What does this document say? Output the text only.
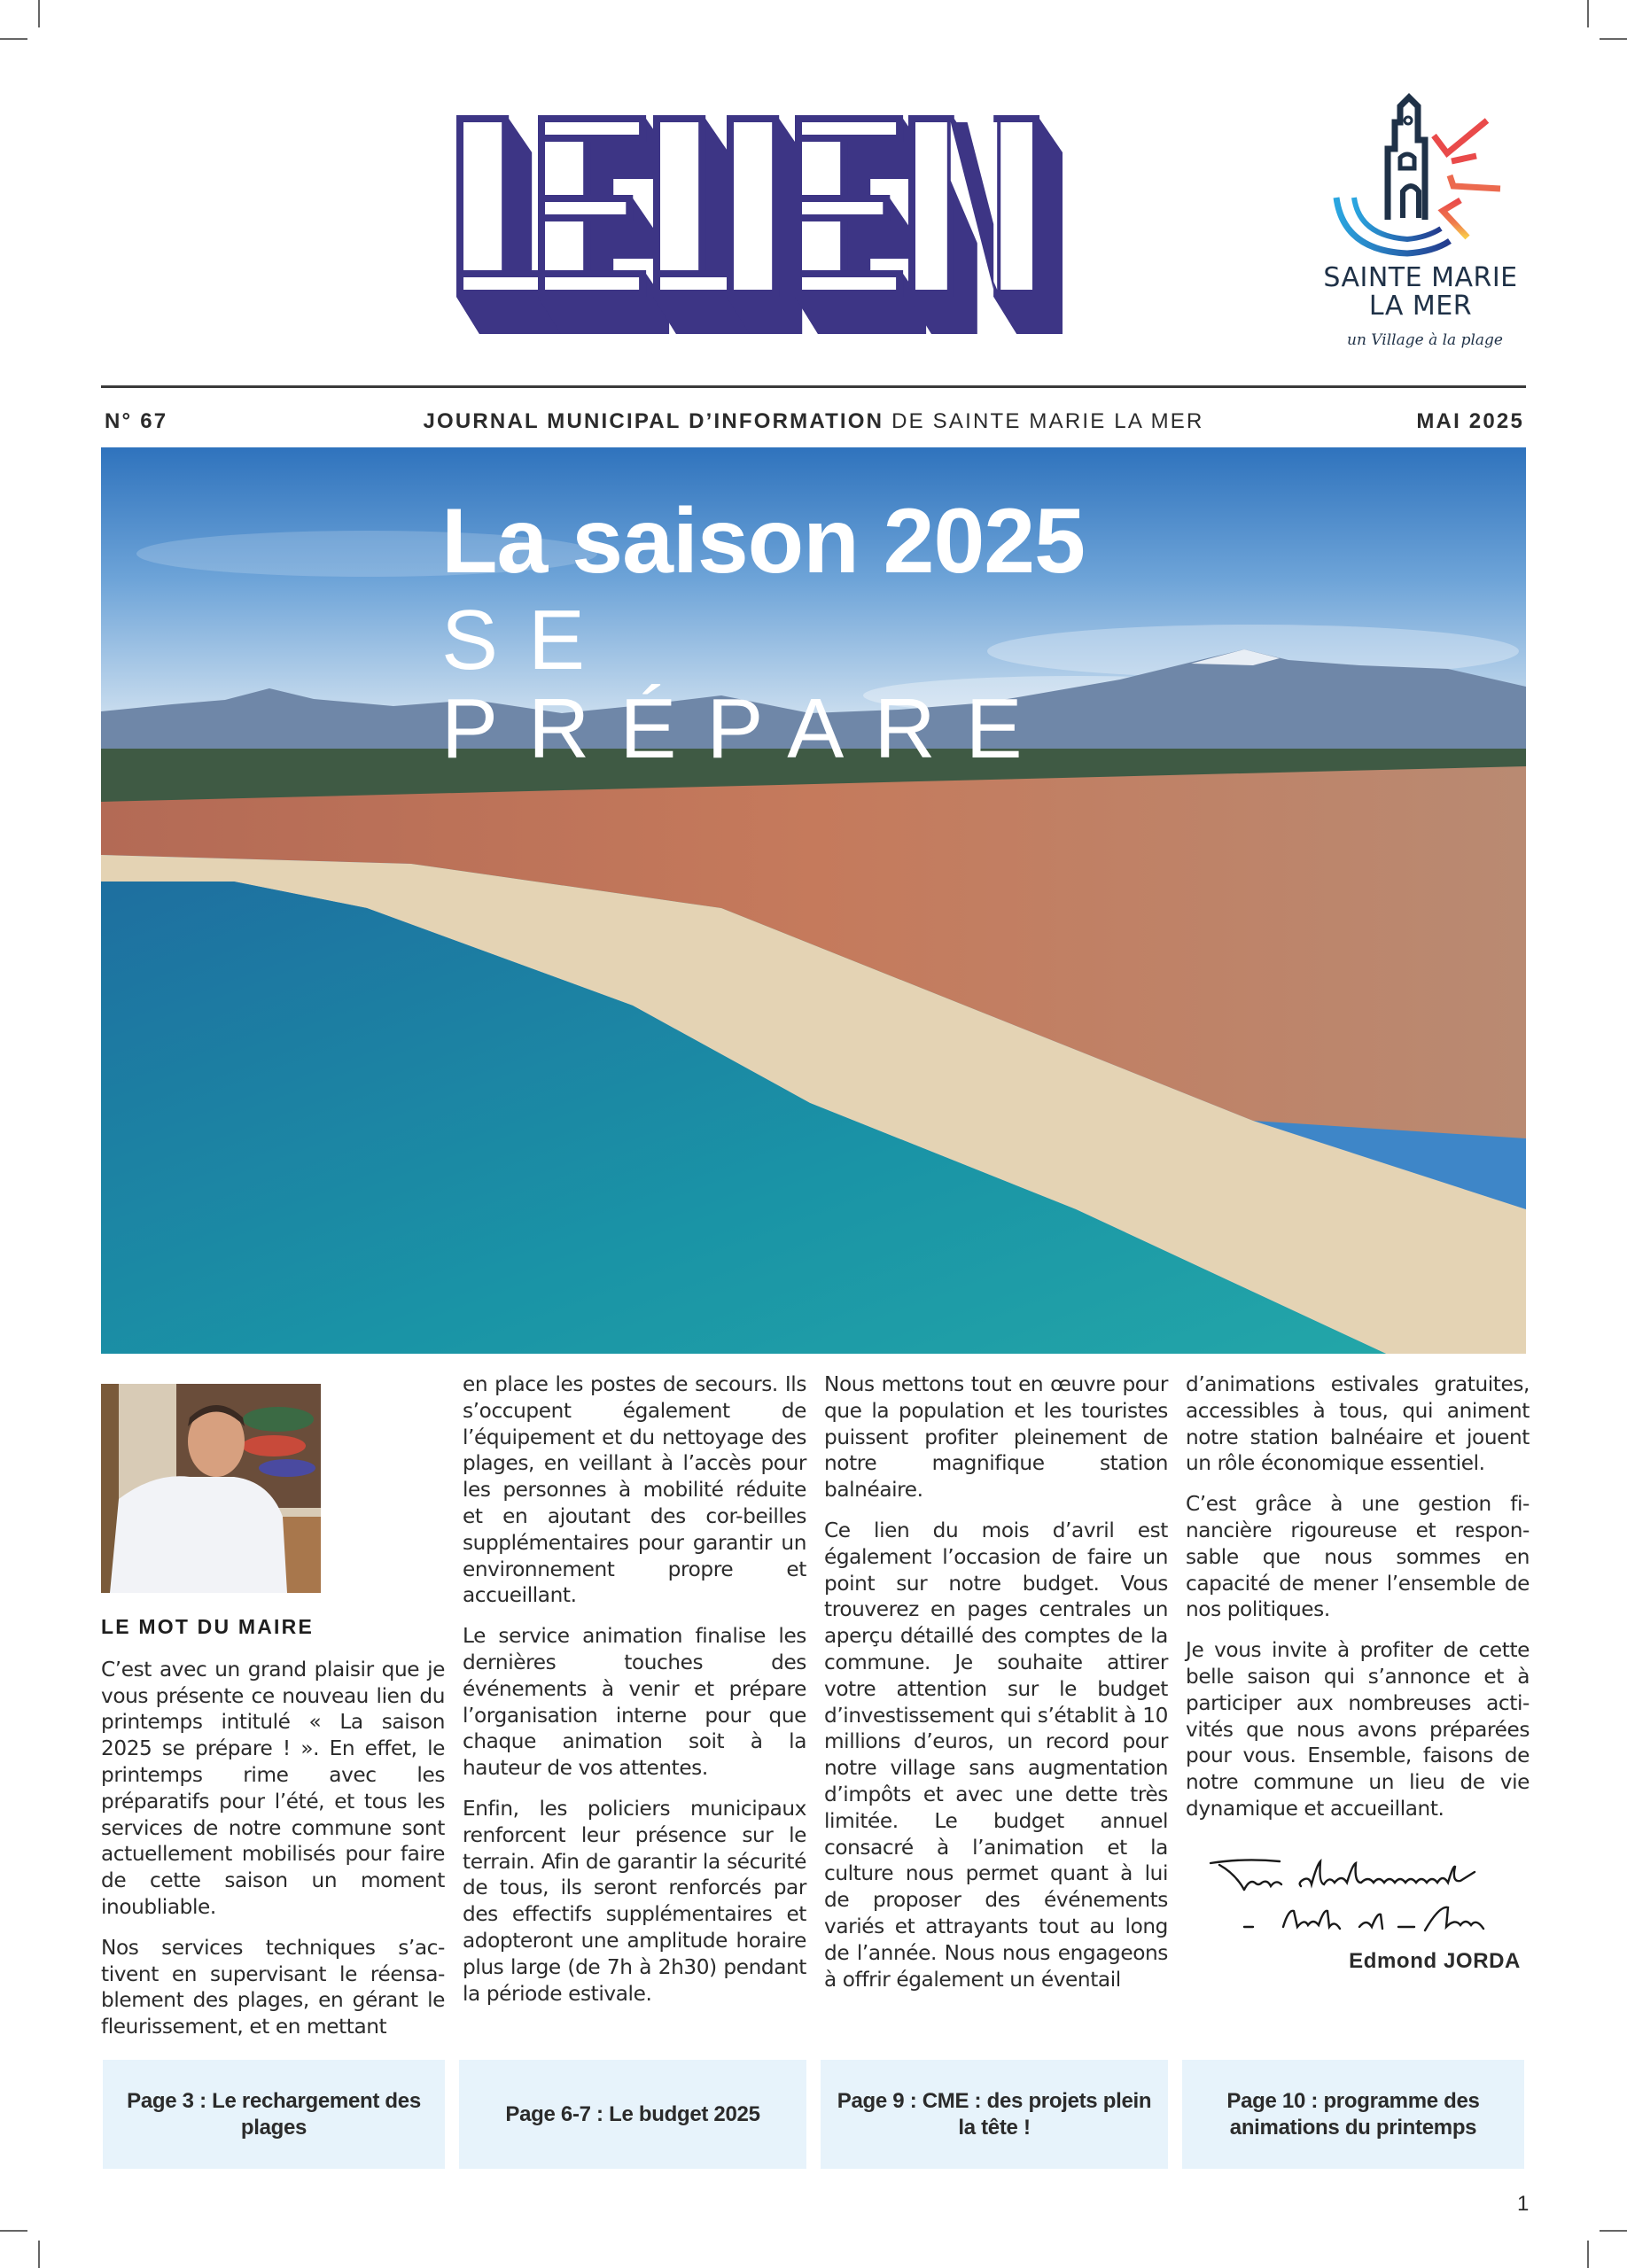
SAINTE MARIE
LA MER
un Village à la plage
N° 67	JOURNAL MUNICIPAL D’INFORMATION DE SAINTE MARIE LA MER	MAI 2025
La saison 2025
SE PRÉPARE
LE MOT DU MAIRE

C’est avec un grand plaisir que je vous présente ce nouveau lien du printemps intitulé « La saison 2025 se prépare ! ». En effet, le printemps rime avec les préparatifs pour l’été, et tous les services de notre commune sont actuellement mobilisés pour faire de cette saison un moment inoubliable.

Nos services techniques s’ac-tivent en supervisant le réensa-blement des plages, en gérant le fleurissement, et en mettant

en place les postes de secours. Ils s’occupent également de l’équipement et du nettoyage des plages, en veillant à l’accès pour les personnes à mobilité réduite et en ajoutant des cor-beilles supplémentaires pour garantir un environnement propre et accueillant.

Le service animation finalise les dernières touches des événements à venir et prépare l’organisation interne pour que chaque animation soit à la hauteur de vos attentes.

Enfin, les policiers municipaux renforcent leur présence sur le terrain. Afin de garantir la sécurité de tous, ils seront renforcés par des effectifs supplémentaires et adopteront une amplitude horaire plus large (de 7h à 2h30) pendant la période estivale.

Nous mettons tout en œuvre pour que la population et les touristes puissent profiter pleinement de notre magnifique station balnéaire.

Ce lien du mois d’avril est également l’occasion de faire un point sur notre budget. Vous trouverez en pages centrales un aperçu détaillé des comptes de la commune. Je souhaite attirer votre attention sur le budget d’investissement qui s’établit à 10 millions d’euros, un record pour notre village sans augmentation d’impôts et avec une dette très limitée. Le budget annuel consacré à l’animation et la culture nous permet quant à lui de proposer des événements variés et attrayants tout au long de l’année. Nous nous engageons à offrir également un éventail

d’animations estivales gratuites, accessibles à tous, qui animent notre station balnéaire et jouent un rôle économique essentiel.

C’est grâce à une gestion fi-nancière rigoureuse et respon-sable que nous sommes en capacité de mener l’ensemble de nos politiques.

Je vous invite à profiter de cette belle saison qui s’annonce et à participer aux nombreuses acti-vités que nous avons préparées pour vous. Ensemble, faisons de notre commune un lieu de vie dynamique et accueillant.

Edmond JORDA
Page 3 : Le rechargement des plages
Page 6-7 : Le budget 2025
Page 9 : CME : des projets plein la tête !
Page 10 : programme des animations du printemps
1
